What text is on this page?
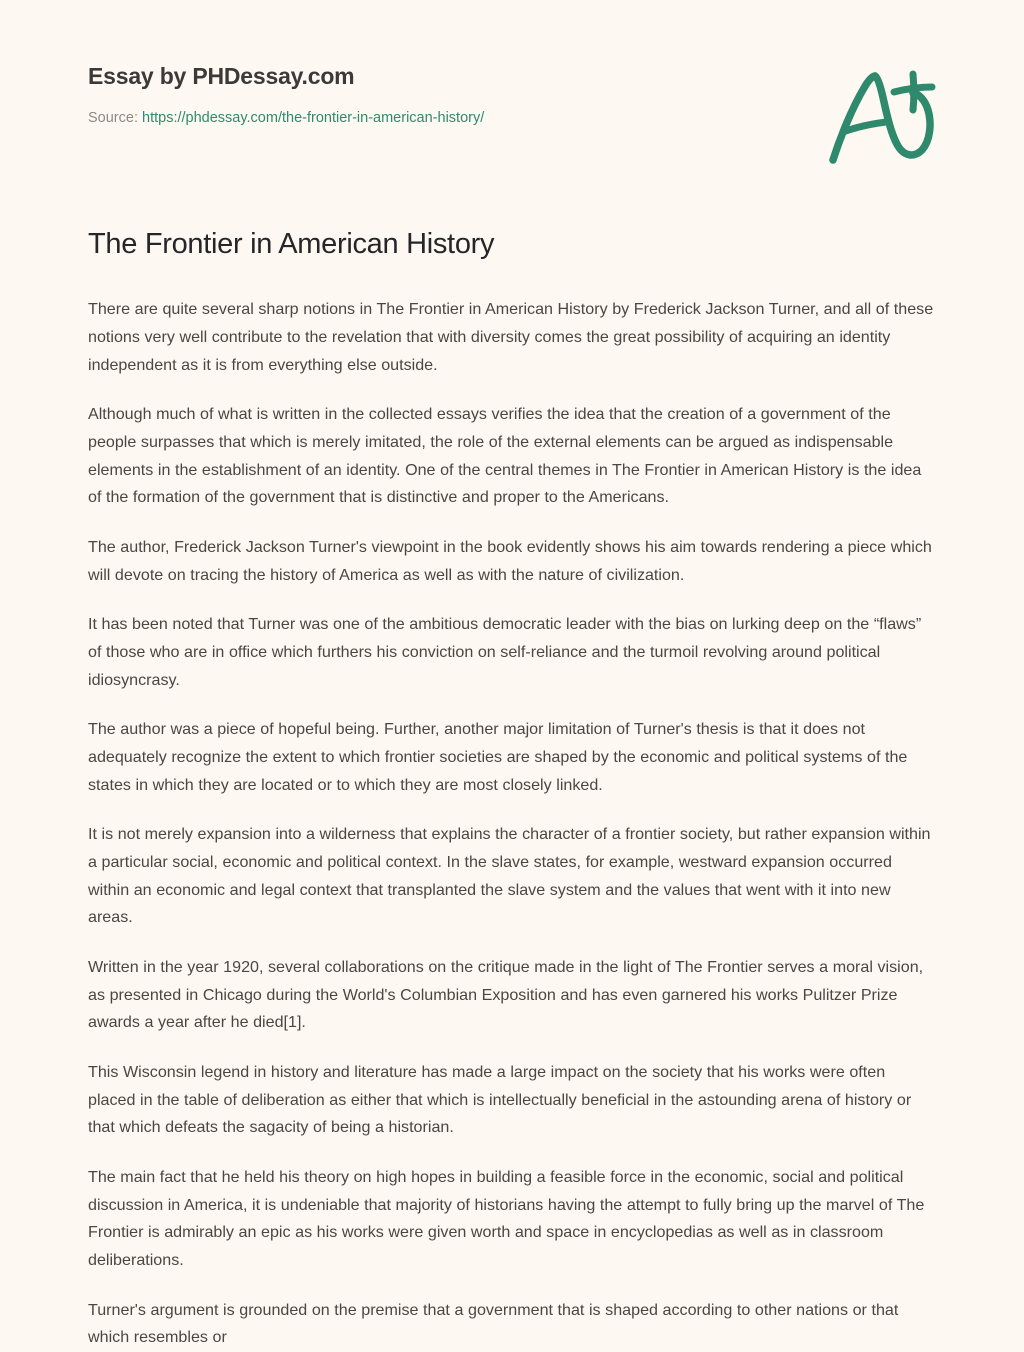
Essay by PHDessay.com
Source: https://phdessay.com/the-frontier-in-american-history/
The Frontier in American History

There are quite several sharp notions in The Frontier in American History by Frederick Jackson Turner, and all of these notions very well contribute to the revelation that with diversity comes the great possibility of acquiring an identity independent as it is from everything else outside.

Although much of what is written in the collected essays verifies the idea that the creation of a government of the people surpasses that which is merely imitated, the role of the external elements can be argued as indispensable elements in the establishment of an identity. One of the central themes in The Frontier in American History is the idea of the formation of the government that is distinctive and proper to the Americans.

The author, Frederick Jackson Turner's viewpoint in the book evidently shows his aim towards rendering a piece which will devote on tracing the history of America as well as with the nature of civilization.

It has been noted that Turner was one of the ambitious democratic leader with the bias on lurking deep on the “flaws” of those who are in office which furthers his conviction on self-reliance and the turmoil revolving around political idiosyncrasy.

The author was a piece of hopeful being. Further, another major limitation of Turner's thesis is that it does not adequately recognize the extent to which frontier societies are shaped by the economic and political systems of the states in which they are located or to which they are most closely linked.

It is not merely expansion into a wilderness that explains the character of a frontier society, but rather expansion within a particular social, economic and political context. In the slave states, for example, westward expansion occurred within an economic and legal context that transplanted the slave system and the values that went with it into new areas.

Written in the year 1920, several collaborations on the critique made in the light of The Frontier serves a moral vision, as presented in Chicago during the World's Columbian Exposition and has even garnered his works Pulitzer Prize awards a year after he died[1].

This Wisconsin legend in history and literature has made a large impact on the society that his works were often placed in the table of deliberation as either that which is intellectually beneficial in the astounding arena of history or that which defeats the sagacity of being a historian.

The main fact that he held his theory on high hopes in building a feasible force in the economic, social and political discussion in America, it is undeniable that majority of historians having the attempt to fully bring up the marvel of The Frontier is admirably an epic as his works were given worth and space in encyclopedias as well as in classroom deliberations.

Turner's argument is grounded on the premise that a government that is shaped according to other nations or that which resembles or
